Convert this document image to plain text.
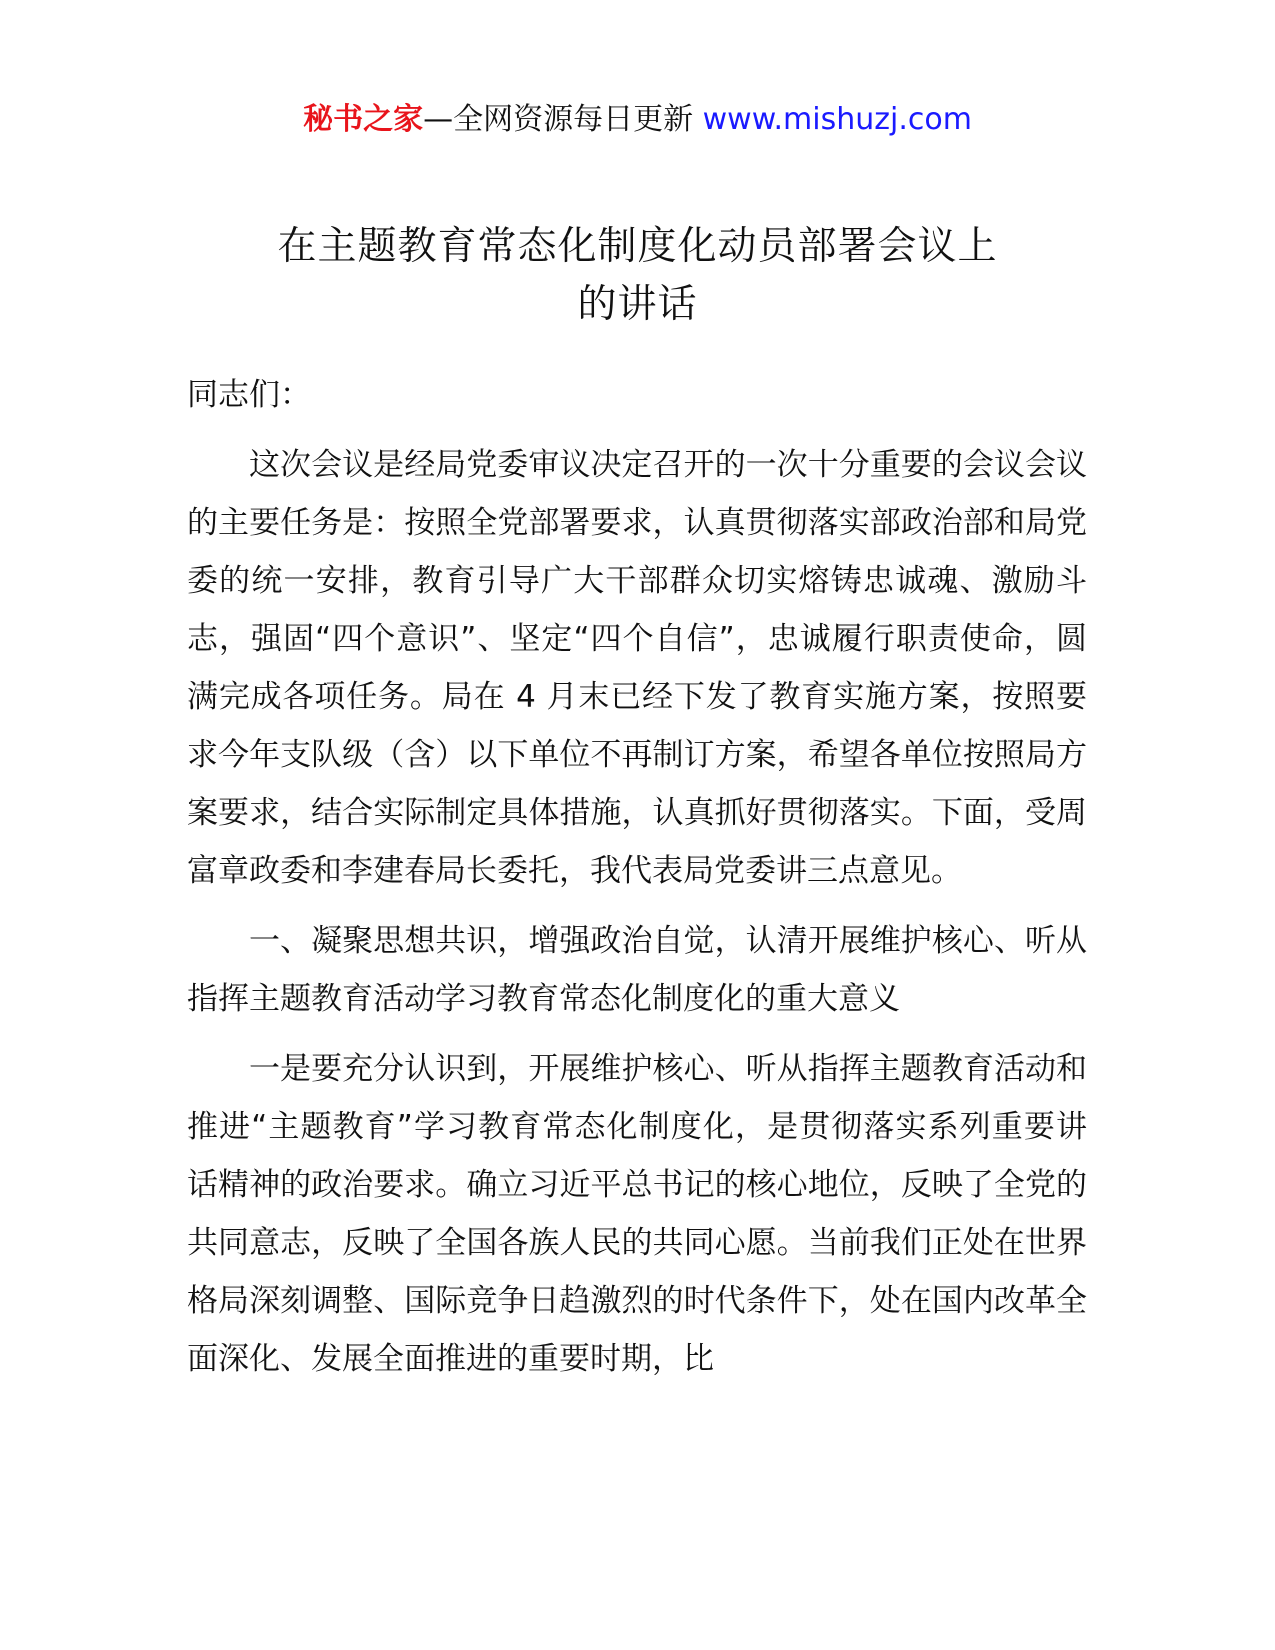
秘书之家—全网资源每日更新 www.mishuzj.com
在主题教育常态化制度化动员部署会议上
的讲话

同志们：

这次会议是经局党委审议决定召开的一次十分重要的会议会议的主要任务是：按照全党部署要求，认真贯彻落实部政治部和局党委的统一安排，教育引导广大干部群众切实熔铸忠诚魂、激励斗志，强固“四个意识”、坚定“四个自信”，忠诚履行职责使命，圆满完成各项任务。局在 4 月末已经下发了教育实施方案，按照要求今年支队级（含）以下单位不再制订方案，希望各单位按照局方案要求，结合实际制定具体措施，认真抓好贯彻落实。下面，受周富章政委和李建春局长委托，我代表局党委讲三点意见。

一、凝聚思想共识，增强政治自觉，认清开展维护核心、听从指挥主题教育活动学习教育常态化制度化的重大意义

一是要充分认识到，开展维护核心、听从指挥主题教育活动和推进“主题教育”学习教育常态化制度化，是贯彻落实系列重要讲话精神的政治要求。确立习近平总书记的核心地位，反映了全党的共同意志，反映了全国各族人民的共同心愿。当前我们正处在世界格局深刻调整、国际竞争日趋激烈的时代条件下，处在国内改革全面深化、发展全面推进的重要时期，比
